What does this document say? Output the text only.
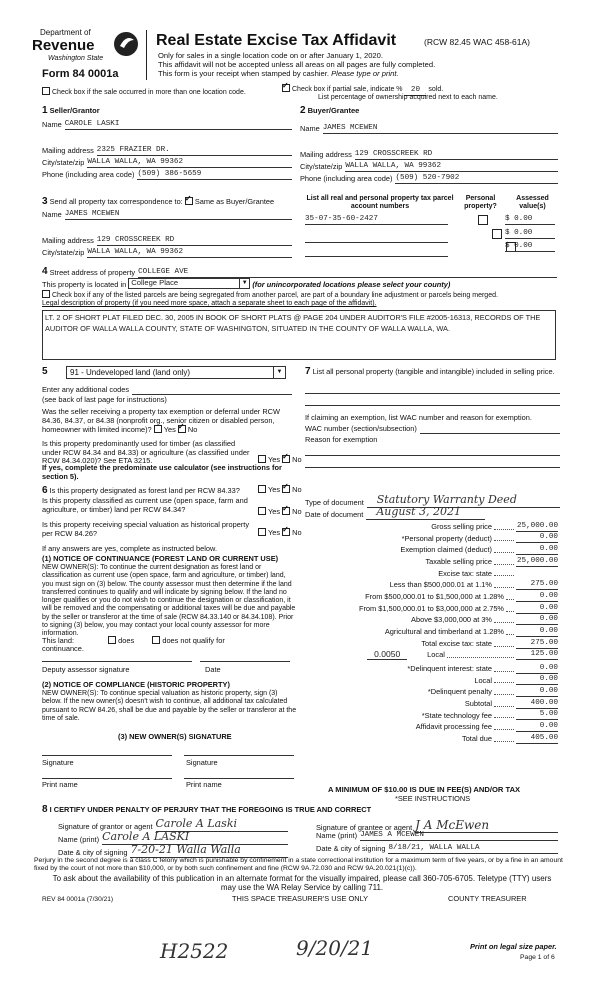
Department of
Revenue
Washington State
Form 84 0001a
Real Estate Excise Tax Affidavit	(RCW 82.45 WAC 458-61A)
Only for sales in a single location code on or after January 1, 2020.
This affidavit will not be accepted unless all areas on all pages are fully completed.
This form is your receipt when stamped by cashier. Please type or print.
Check box if the sale occurred in more than one location code. ✓	Check box if partial sale, indicate % 20 sold.
List percentage of ownership acquired next to each name.
1 Seller/Grantor
Name CAROLE LASKI
Mailing address 2325 FRAZIER DR.
City/state/zip WALLA WALLA, WA 99362
Phone (including area code) (509) 386-5659
2 Buyer/Grantee
Name JAMES MCEWEN
Mailing address 129 CROSSCREEK RD
City/state/zip WALLA WALLA, WA 99362
Phone (including area code) (509) 520-7902
3 Send all property tax correspondence to: ✓ Same as Buyer/Grantee
Name JAMES MCEWEN
Mailing address 129 CROSSCREEK RD
City/state/zip WALLA WALLA, WA 99362
List all real and personal property tax parcel account numbers
Personal property?
Assessed value(s)
35-07-35-60-2427
	$ 0.00
$ 0.00
$ 0.00
4
Street address of property COLLEGE AVE
This property is located in College Place	▼ (for unincorporated locations please select your county)
Check box if any of the listed parcels are being segregated from another parcel, are part of a boundary line adjustment or parcels being merged.
Legal description of property (if you need more space, attach a separate sheet to each page of the affidavit).
LT. 2 OF SHORT PLAT FILED DEC. 30, 2005 IN BOOK OF SHORT PLATS @ PAGE 204 UNDER AUDITOR'S FILE #2005-16313, RECORDS OF THE AUDITOR OF WALLA WALLA COUNTY, STATE OF WASHINGTON, SITUATED IN THE COUNTY OF WALLA WALLA, WA.
5	91 - Undeveloped land (land only)	▼
Enter any additional codes
(see back of last page for instructions)
Was the seller receiving a property tax exemption or deferral under RCW 84.36, 84.37, or 84.38 (nonprofit org., senior citizen or disabled person, homeowner with limited income)? Yes ✓ No
Is this property predominantly used for timber (as classified under RCW 84.34 and 84.33) or agriculture (as classified under RCW 84.34.020)? See ETA 3215.	Yes ✓ No
If yes, complete the predominate use calculator (see instructions for section 5).
6 Is this property designated as forest land per RCW 84.33?	Yes ✓ No
Is this property classified as current use (open space, farm and agriculture, or timber) land per RCW 84.34?	Yes ✓ No
Is this property receiving special valuation as historical property per RCW 84.26?	Yes ✓ No
If any answers are yes, complete as instructed below.
(1) NOTICE OF CONTINUANCE (FOREST LAND OR CURRENT USE)
NEW OWNER(S): To continue the current designation as forest land or classification as current use (open space, farm and agriculture, or timber) land, you must sign on (3) below. The county assessor must then determine if the land transferred continues to qualify and will indicate by signing below. If the land no longer qualifies or you do not wish to continue the designation or classification, it will be removed and the compensating or additional taxes will be due and payable by the seller or transferor at the time of sale (RCW 84.33.140 or 84.34.108). Prior to signing (3) below, you may contact your local county assessor for more information.
This land:	does	does not qualify for
continuance.
Deputy assessor signature	Date
(2) NOTICE OF COMPLIANCE (HISTORIC PROPERTY)
NEW OWNER(S): To continue special valuation as historic property, sign (3) below. If the new owner(s) doesn't wish to continue, all additional tax calculated pursuant to RCW 84.26, shall be due and payable by the seller or transferor at the time of sale.
(3) NEW OWNER(S) SIGNATURE
Signature	Signature
Print name	Print name
7 List all personal property (tangible and intangible) included in selling price.
If claiming an exemption, list WAC number and reason for exemption.
WAC number (section/subsection)
Reason for exemption
Type of document	Statutory Warranty Deed
Date of document	August 3, 2021
Gross selling price	25,000.00
*Personal property (deduct)	0.00
Exemption claimed (deduct)	0.00
Taxable selling price	25,000.00
Excise tax: state
Less than $500,000.01 at 1.1%	275.00
From $500,000.01 to $1,500,000 at 1.28%	0.00
From $1,500,000.01 to $3,000,000 at 2.75%	0.00
Above $3,000,000 at 3%	0.00
Agricultural and timberland at 1.28%	0.00
Total excise tax: state	275.00
0.0050	Local	125.00
*Delinquent interest: state	0.00
Local	0.00
*Delinquent penalty	0.00
Subtotal	400.00
*State technology fee	5.00
Affidavit processing fee	0.00
Total due	405.00
A MINIMUM OF $10.00 IS DUE IN FEE(S) AND/OR TAX
*SEE INSTRUCTIONS
8 I CERTIFY UNDER PENALTY OF PERJURY THAT THE FOREGOING IS TRUE AND CORRECT
Signature of grantor or agent Carole A Laski
Name (print) Carole A LASKI
Date & city of signing 7-20-21 Walla Walla
Signature of grantee or agent J A McEwen
Name (print) JAMES A MCEWEN
Date & city of signing 8/18/21, WALLA WALLA
Perjury in the second degree is a class C felony which is punishable by confinement in a state correctional institution for a maximum term of five years, or by a fine in an amount fixed by the court of not more than $10,000, or by both such confinement and fine (RCW 9A.72.030 and RCW 9A.20.021(1)(c)).
To ask about the availability of this publication in an alternate format for the visually impaired, please call 360-705-6705. Teletype (TTY) users may use the WA Relay Service by calling 711.
REV 84 0001a (7/30/21)	THIS SPACE TREASURER'S USE ONLY	COUNTY TREASURER
H2522	9/20/21	Print on legal size paper.
Page 1 of 6
